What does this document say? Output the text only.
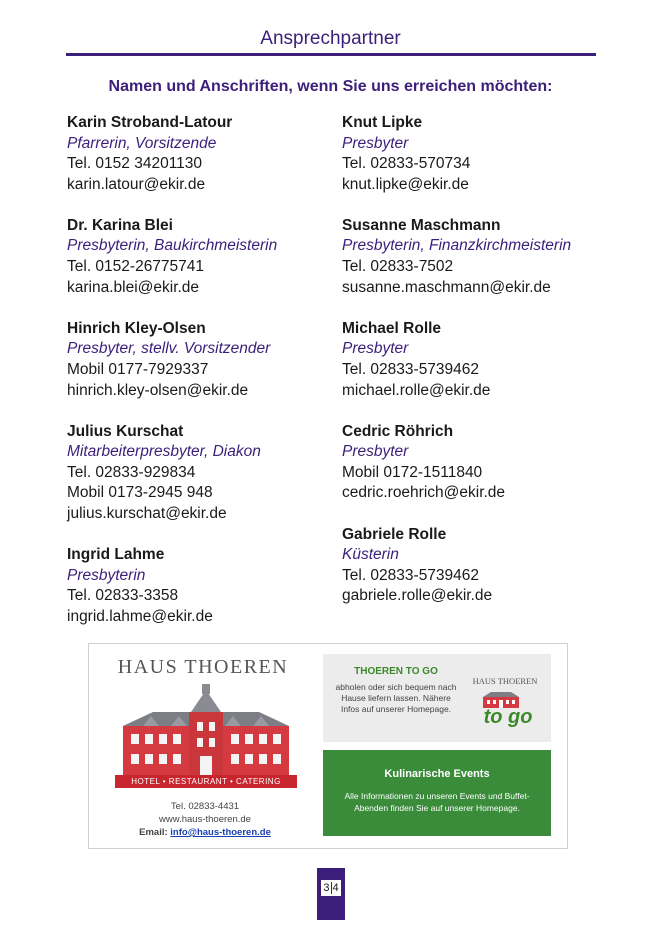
Ansprechpartner
Namen und Anschriften, wenn Sie uns erreichen möchten:
Karin Stroband-Latour
Pfarrerin, Vorsitzende
Tel. 0152 34201130
karin.latour@ekir.de
Dr. Karina Blei
Presbyterin, Baukirchmeisterin
Tel. 0152-26775741
karina.blei@ekir.de
Hinrich Kley-Olsen
Presbyter, stellv. Vorsitzender
Mobil 0177-7929337
hinrich.kley-olsen@ekir.de
Julius Kurschat
Mitarbeiterpresbyter, Diakon
Tel. 02833-929834
Mobil 0173-2945 948
julius.kurschat@ekir.de
Ingrid Lahme
Presbyterin
Tel. 02833-3358
ingrid.lahme@ekir.de
Knut Lipke
Presbyter
Tel. 02833-570734
knut.lipke@ekir.de
Susanne Maschmann
Presbyterin, Finanzkirchmeisterin
Tel. 02833-7502
susanne.maschmann@ekir.de
Michael Rolle
Presbyter
Tel. 02833-5739462
michael.rolle@ekir.de
Cedric Röhrich
Presbyter
Mobil 0172-1511840
cedric.roehrich@ekir.de
Gabriele Rolle
Küsterin
Tel. 02833-5739462
gabriele.rolle@ekir.de
HAUS THOEREN
HOTEL • RESTAURANT • CATERING
Tel. 02833-4431
www.haus-thoeren.de
Email: info@haus-thoeren.de
THOEREN TO GO
abholen oder sich bequem nach Hause liefern lassen. Nähere Infos auf unserer Homepage.
HAUS THOEREN
to go
Kulinarische Events
Alle Informationen zu unseren Events und Buffet-Abenden finden Sie auf unserer Homepage.
3 4
